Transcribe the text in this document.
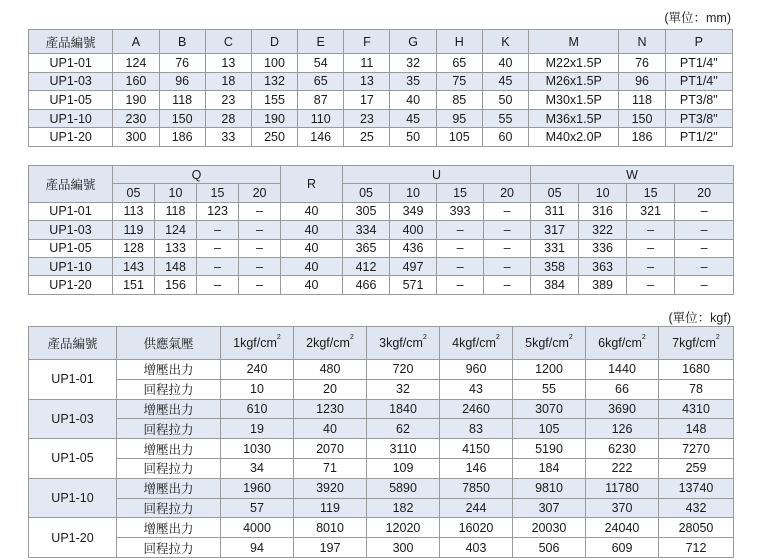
(單位：mm)
產品編號	A	B	C	D	E	F	G	H	K	M	N	P
UP1-01	124	76	13	100	54	11	32	65	40	M22x1.5P	76	PT1/4"
UP1-03	160	96	18	132	65	13	35	75	45	M26x1.5P	96	PT1/4"
UP1-05	190	118	23	155	87	17	40	85	50	M30x1.5P	118	PT3/8"
UP1-10	230	150	28	190	110	23	45	95	55	M36x1.5P	150	PT3/8"
UP1-20	300	186	33	250	146	25	50	105	60	M40x2.0P	186	PT1/2"
產品編號	Q				R	U				W			
	05	10	15	20		05	10	15	20	05	10	15	20
UP1-01	113	118	123	–	40	305	349	393	–	311	316	321	–
UP1-03	119	124	–	–	40	334	400	–	–	317	322	–	–
UP1-05	128	133	–	–	40	365	436	–	–	331	336	–	–
UP1-10	143	148	–	–	40	412	497	–	–	358	363	–	–
UP1-20	151	156	–	–	40	466	571	–	–	384	389	–	–
(單位：kgf)
產品編號	供應氣壓	$1kgf/cm^2$	$2kgf/cm^2$	$3kgf/cm^2$	$4kgf/cm^2$	$5kgf/cm^2$	$6kgf/cm^2$	$7kgf/cm^2$
UP1-01	增壓出力	240	480	720	960	1200	1440	1680
	回程拉力	10	20	32	43	55	66	78
UP1-03	增壓出力	610	1230	1840	2460	3070	3690	4310
	回程拉力	19	40	62	83	105	126	148
UP1-05	增壓出力	1030	2070	3110	4150	5190	6230	7270
	回程拉力	34	71	109	146	184	222	259
UP1-10	增壓出力	1960	3920	5890	7850	9810	11780	13740
	回程拉力	57	119	182	244	307	370	432
UP1-20	增壓出力	4000	8010	12020	16020	20030	24040	28050
	回程拉力	94	197	300	403	506	609	712
